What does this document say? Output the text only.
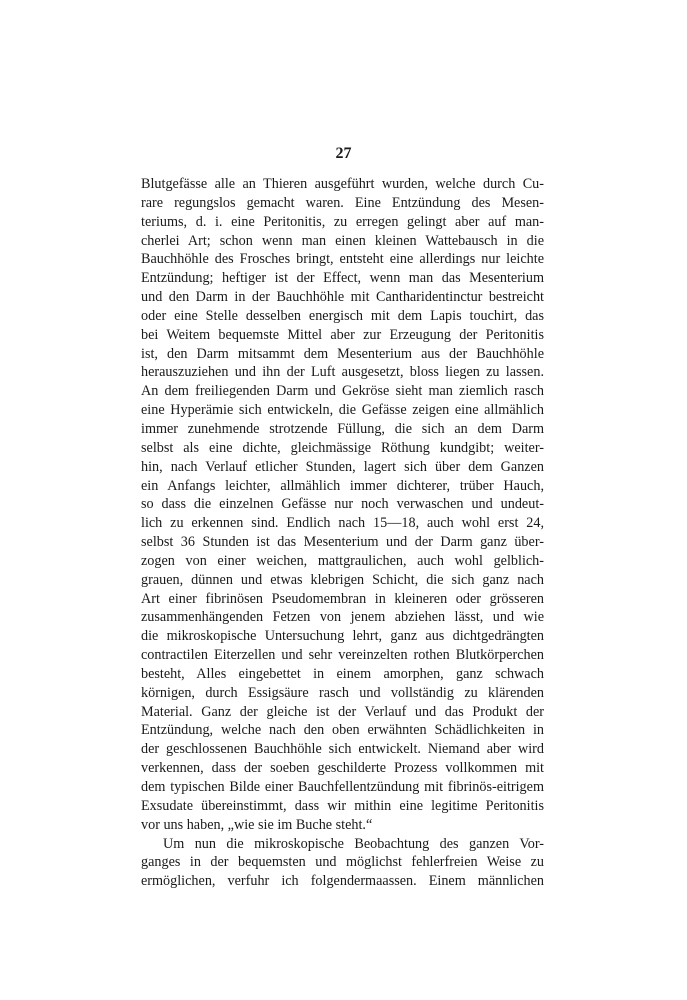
27
Blutgefässe alle an Thieren ausgeführt wurden, welche durch Cu-
rare regungslos gemacht waren. Eine Entzündung des Mesen-
teriums, d. i. eine Peritonitis, zu erregen gelingt aber auf man-
cherlei Art; schon wenn man einen kleinen Wattebausch in die
Bauchhöhle des Frosches bringt, entsteht eine allerdings nur leichte
Entzündung; heftiger ist der Effect, wenn man das Mesenterium
und den Darm in der Bauchhöhle mit Cantharidentinctur bestreicht
oder eine Stelle desselben energisch mit dem Lapis touchirt, das
bei Weitem bequemste Mittel aber zur Erzeugung der Peritonitis
ist, den Darm mitsammt dem Mesenterium aus der Bauchhöhle
herauszuziehen und ihn der Luft ausgesetzt, bloss liegen zu lassen.
An dem freiliegenden Darm und Gekröse sieht man ziemlich rasch
eine Hyperämie sich entwickeln, die Gefässe zeigen eine allmählich
immer zunehmende strotzende Füllung, die sich an dem Darm
selbst als eine dichte, gleichmässige Röthung kundgibt; weiter-
hin, nach Verlauf etlicher Stunden, lagert sich über dem Ganzen
ein Anfangs leichter, allmählich immer dichterer, trüber Hauch,
so dass die einzelnen Gefässe nur noch verwaschen und undeut-
lich zu erkennen sind. Endlich nach 15—18, auch wohl erst 24,
selbst 36 Stunden ist das Mesenterium und der Darm ganz über-
zogen von einer weichen, mattgraulichen, auch wohl gelblich-
grauen, dünnen und etwas klebrigen Schicht, die sich ganz nach
Art einer fibrinösen Pseudomembran in kleineren oder grösseren
zusammenhängenden Fetzen von jenem abziehen lässt, und wie
die mikroskopische Untersuchung lehrt, ganz aus dichtgedrängten
contractilen Eiterzellen und sehr vereinzelten rothen Blutkörperchen
besteht, Alles eingebettet in einem amorphen, ganz schwach
körnigen, durch Essigsäure rasch und vollständig zu klärenden
Material. Ganz der gleiche ist der Verlauf und das Produkt der
Entzündung, welche nach den oben erwähnten Schädlichkeiten in
der geschlossenen Bauchhöhle sich entwickelt. Niemand aber wird
verkennen, dass der soeben geschilderte Prozess vollkommen mit
dem typischen Bilde einer Bauchfellentzündung mit fibrinös-eitrigem
Exsudate übereinstimmt, dass wir mithin eine legitime Peritonitis
vor uns haben, „wie sie im Buche steht.“
Um nun die mikroskopische Beobachtung des ganzen Vor-
ganges in der bequemsten und möglichst fehlerfreien Weise zu
ermöglichen, verfuhr ich folgendermaassen. Einem männlichen
